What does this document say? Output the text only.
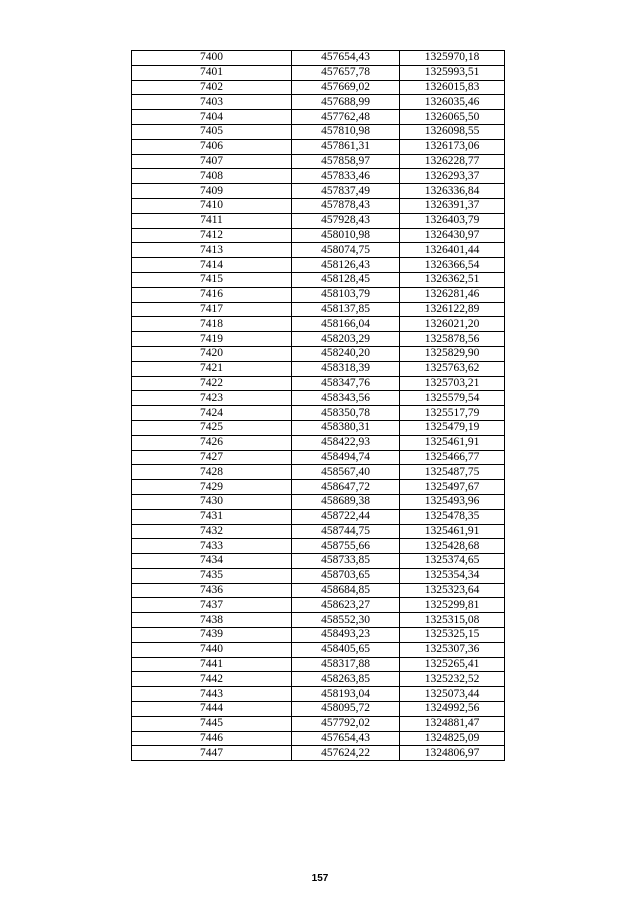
7400	457654,43	1325970,18
7401	457657,78	1325993,51
7402	457669,02	1326015,83
7403	457688,99	1326035,46
7404	457762,48	1326065,50
7405	457810,98	1326098,55
7406	457861,31	1326173,06
7407	457858,97	1326228,77
7408	457833,46	1326293,37
7409	457837,49	1326336,84
7410	457878,43	1326391,37
7411	457928,43	1326403,79
7412	458010,98	1326430,97
7413	458074,75	1326401,44
7414	458126,43	1326366,54
7415	458128,45	1326362,51
7416	458103,79	1326281,46
7417	458137,85	1326122,89
7418	458166,04	1326021,20
7419	458203,29	1325878,56
7420	458240,20	1325829,90
7421	458318,39	1325763,62
7422	458347,76	1325703,21
7423	458343,56	1325579,54
7424	458350,78	1325517,79
7425	458380,31	1325479,19
7426	458422,93	1325461,91
7427	458494,74	1325466,77
7428	458567,40	1325487,75
7429	458647,72	1325497,67
7430	458689,38	1325493,96
7431	458722,44	1325478,35
7432	458744,75	1325461,91
7433	458755,66	1325428,68
7434	458733,85	1325374,65
7435	458703,65	1325354,34
7436	458684,85	1325323,64
7437	458623,27	1325299,81
7438	458552,30	1325315,08
7439	458493,23	1325325,15
7440	458405,65	1325307,36
7441	458317,88	1325265,41
7442	458263,85	1325232,52
7443	458193,04	1325073,44
7444	458095,72	1324992,56
7445	457792,02	1324881,47
7446	457654,43	1324825,09
7447	457624,22	1324806,97
157
